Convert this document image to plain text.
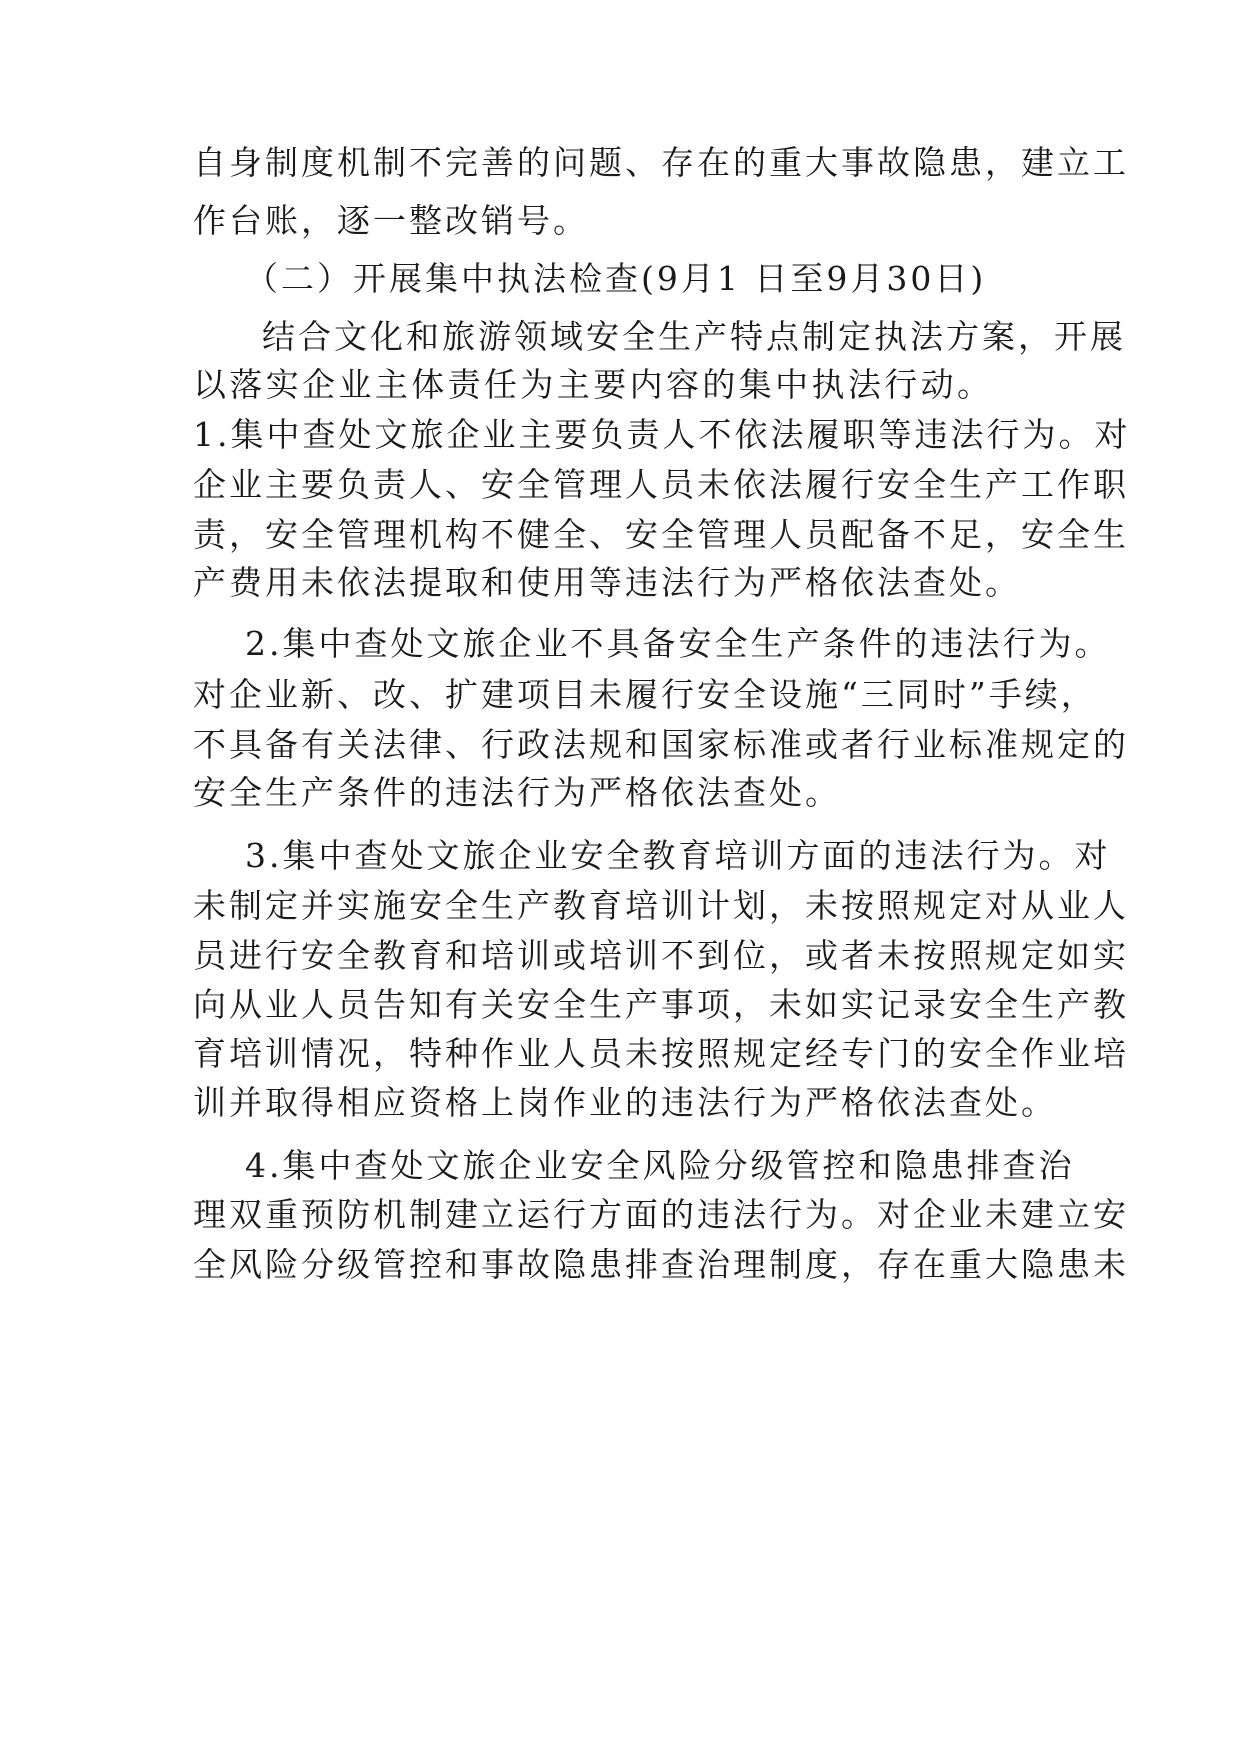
自身制度机制不完善的问题、存在的重大事故隐患，建立工
作台账，逐一整改销号。
（二）开展集中执法检查(9月1 日至9月30日)
结合文化和旅游领域安全生产特点制定执法方案，开展
以落实企业主体责任为主要内容的集中执法行动。
1.集中查处文旅企业主要负责人不依法履职等违法行为。对
企业主要负责人、安全管理人员未依法履行安全生产工作职
责，安全管理机构不健全、安全管理人员配备不足，安全生
产费用未依法提取和使用等违法行为严格依法查处。
2.集中查处文旅企业不具备安全生产条件的违法行为。
对企业新、改、扩建项目未履行安全设施“三同时”手续，
不具备有关法律、行政法规和国家标准或者行业标准规定的
安全生产条件的违法行为严格依法查处。
3.集中查处文旅企业安全教育培训方面的违法行为。对
未制定并实施安全生产教育培训计划，未按照规定对从业人
员进行安全教育和培训或培训不到位，或者未按照规定如实
向从业人员告知有关安全生产事项，未如实记录安全生产教
育培训情况，特种作业人员未按照规定经专门的安全作业培
训并取得相应资格上岗作业的违法行为严格依法查处。
4.集中查处文旅企业安全风险分级管控和隐患排查治
理双重预防机制建立运行方面的违法行为。对企业未建立安
全风险分级管控和事故隐患排查治理制度，存在重大隐患未
